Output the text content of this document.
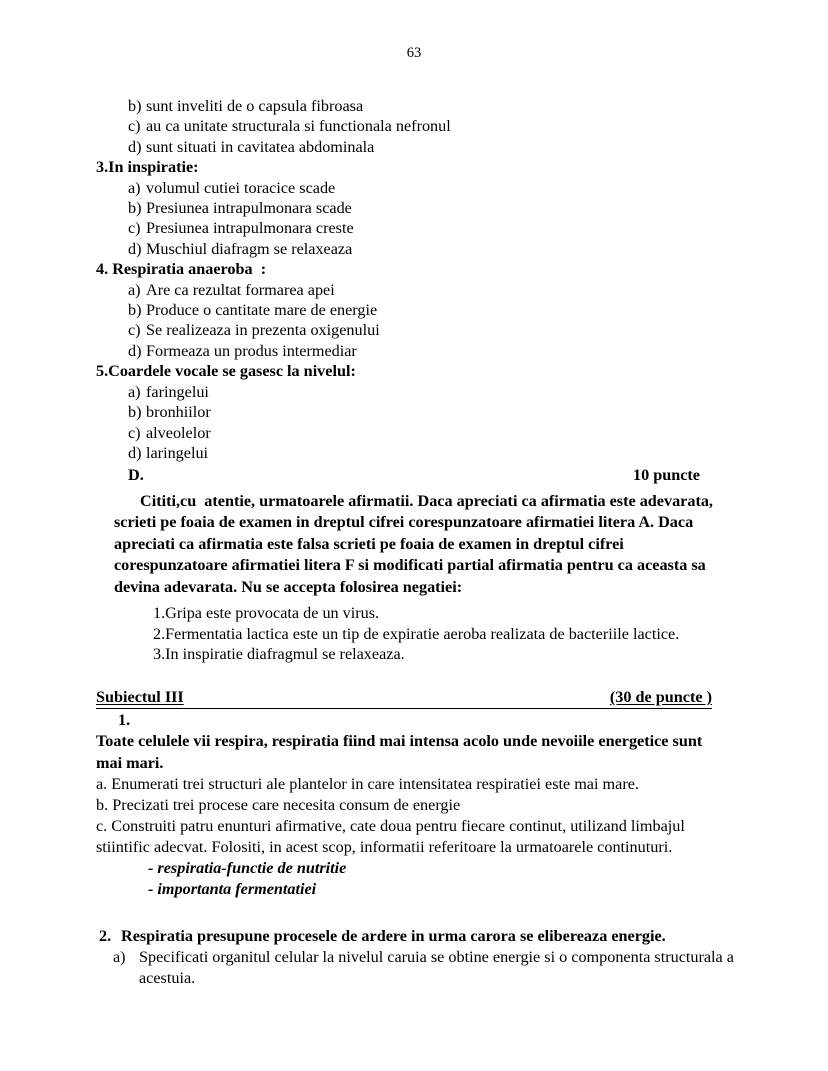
63
b) sunt inveliti de o capsula fibroasa
c) au ca unitate structurala si functionala nefronul
d) sunt situati in cavitatea abdominala
3.In inspiratie:
a) volumul cutiei toracice scade
b) Presiunea intrapulmonara scade
c) Presiunea intrapulmonara creste
d) Muschiul diafragm se relaxeaza
4. Respiratia anaeroba  :
a) Are ca rezultat formarea apei
b) Produce o cantitate mare de energie
c) Se realizeaza in prezenta oxigenului
d) Formeaza un produs intermediar
5.Coardele vocale se gasesc la nivelul:
a) faringelui
b) bronhiilor
c) alveolelor
d) laringelui
D.	10 puncte
Cititi,cu  atentie, urmatoarele afirmatii. Daca apreciati ca afirmatia este adevarata, scrieti pe foaia de examen in dreptul cifrei corespunzatoare afirmatiei litera A. Daca apreciati ca afirmatia este falsa scrieti pe foaia de examen in dreptul cifrei corespunzatoare afirmatiei litera F si modificati partial afirmatia pentru ca aceasta sa devina adevarata. Nu se accepta folosirea negatiei:
1.Gripa este provocata de un virus.
2.Fermentatia lactica este un tip de expiratie aeroba realizata de bacteriile lactice.
3.In inspiratie diafragmul se relaxeaza.
Subiectul III	(30 de puncte )
1.
Toate celulele vii respira, respiratia fiind mai intensa acolo unde nevoiile energetice sunt mai mari.
a. Enumerati trei structuri ale plantelor in care intensitatea respiratiei este mai mare.
b. Precizati trei procese care necesita consum de energie
c. Construiti patru enunturi afirmative, cate doua pentru fiecare continut, utilizand limbajul stiintific adecvat. Folositi, in acest scop, informatii referitoare la urmatoarele continuturi.
- respiratia-functie de nutritie
- importanta fermentatiei
2. Respiratia presupune procesele de ardere in urma carora se elibereaza energie.
a) Specificati organitul celular la nivelul caruia se obtine energie si o componenta structurala a acestuia.
